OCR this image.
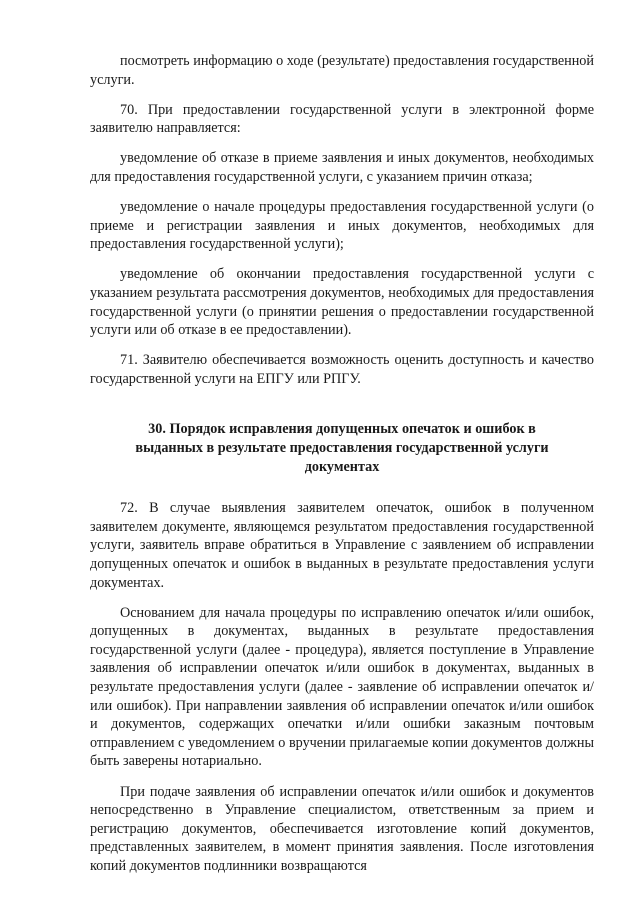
посмотреть информацию о ходе (результате) предоставления государственной услуги.

70. При предоставлении государственной услуги в электронной форме заявителю направляется:

уведомление об отказе в приеме заявления и иных документов, необходимых для предоставления государственной услуги, с указанием причин отказа;

уведомление о начале процедуры предоставления государственной услуги (о приеме и регистрации заявления и иных документов, необходимых для предоставления государственной услуги);

уведомление об окончании предоставления государственной услуги с указанием результата рассмотрения документов, необходимых для предоставления государственной услуги (о принятии решения о предоставлении государственной услуги или об отказе в ее предоставлении).

71. Заявителю обеспечивается возможность оценить доступность и качество государственной услуги на ЕПГУ или РПГУ.

30. Порядок исправления допущенных опечаток и ошибок в выданных в результате предоставления государственной услуги документах

72. В случае выявления заявителем опечаток, ошибок в полученном заявителем документе, являющемся результатом предоставления государственной услуги, заявитель вправе обратиться в Управление с заявлением об исправлении допущенных опечаток и ошибок в выданных в результате предоставления услуги документах.

Основанием для начала процедуры по исправлению опечаток и/или ошибок, допущенных в документах, выданных в результате предоставления государственной услуги (далее - процедура), является поступление в Управление заявления об исправлении опечаток и/или ошибок в документах, выданных в результате предоставления услуги (далее - заявление об исправлении опечаток и/или ошибок). При направлении заявления об исправлении опечаток и/или ошибок и документов, содержащих опечатки и/или ошибки заказным почтовым отправлением с уведомлением о вручении прилагаемые копии документов должны быть заверены нотариально.

При подаче заявления об исправлении опечаток и/или ошибок и документов непосредственно в Управление специалистом, ответственным за прием и регистрацию документов, обеспечивается изготовление копий документов, представленных заявителем, в момент принятия заявления. После изготовления копий документов подлинники возвращаются
